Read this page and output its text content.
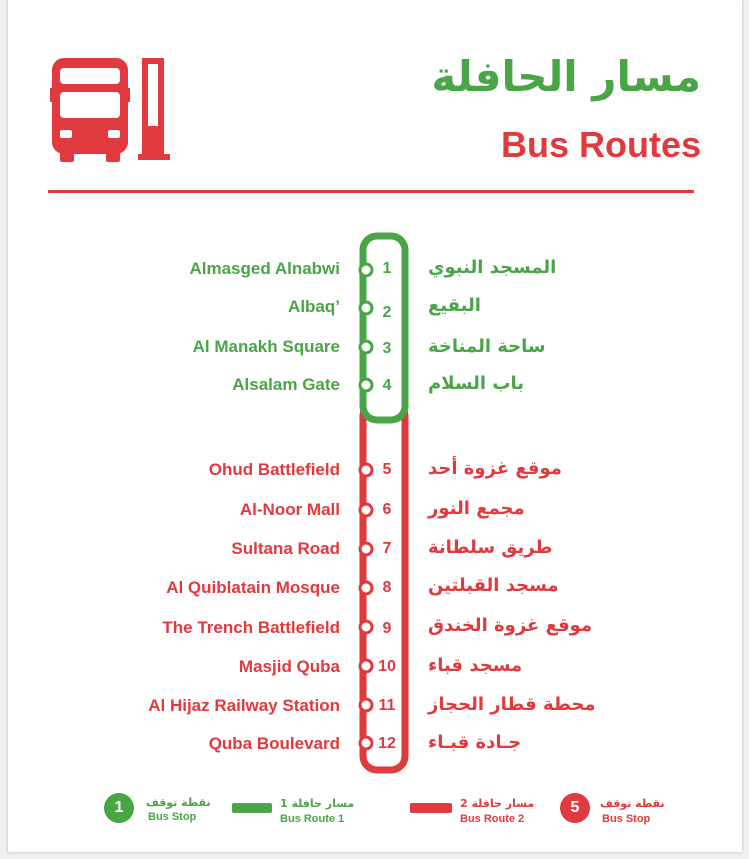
مسار الحافلة
Bus Routes
Almasged Alnabwi	1	المسجد النبوي
Albaq’	2	البقيع
Al Manakh Square	3	ساحة المناخة
Alsalam Gate	4	باب السلام
Ohud Battlefield	5	موقع غزوة أحد
Al-Noor Mall	6	مجمع النور
Sultana Road	7	طريق سلطانة
Al Quiblatain Mosque	8	مسجد القبلتين
The Trench Battlefield	9	موقع غزوة الخندق
Masjid Quba 10 مسجد قباء
Al Hijaz Railway Station 11 محطة قطار الحجاز
Quba Boulevard 12 جـادة قبـاء
1	نقطة توقف
Bus Stop
مسار حافلة 1
Bus Route 1
مسار حافلة 2
Bus Route 2
5	نقطة توقف
Bus Stop
